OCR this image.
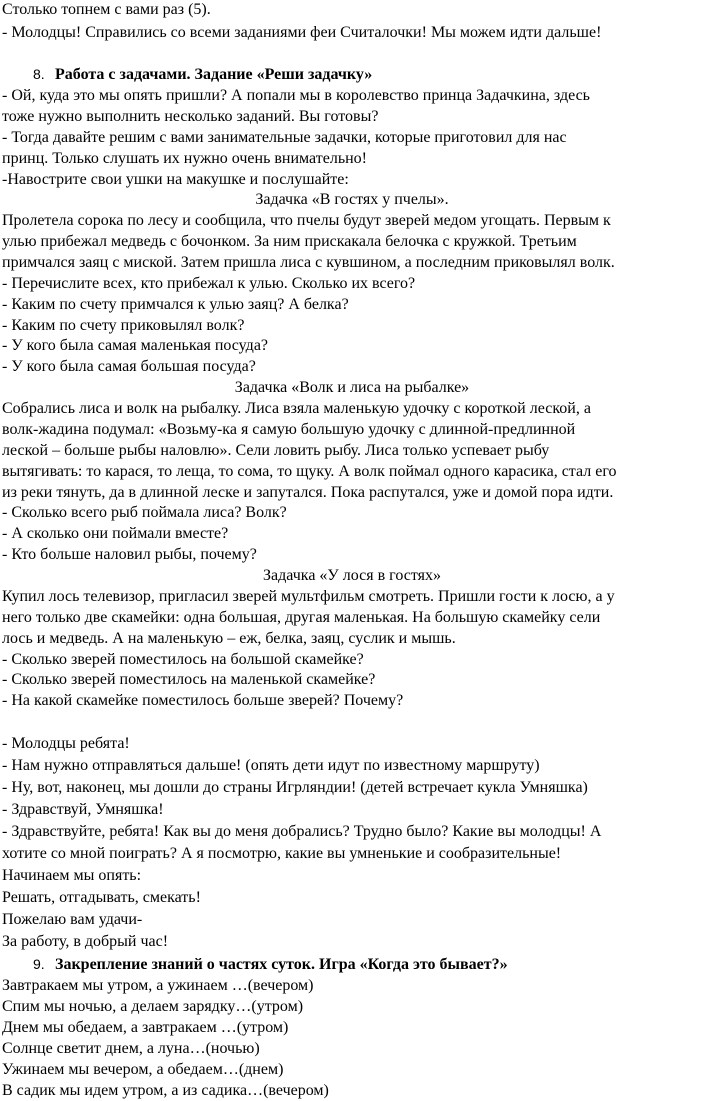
Столько топнем с вами раз (5).
- Молодцы! Справились со всеми заданиями феи Считалочки! Мы можем идти дальше!
8. Работа с задачами. Задание «Реши задачку»
- Ой, куда это мы опять пришли? А попали мы в королевство принца Задачкина, здесь
тоже нужно выполнить несколько заданий. Вы готовы?
- Тогда давайте решим с вами занимательные задачки, которые приготовил для нас
принц. Только слушать их нужно очень внимательно!
-Навострите свои ушки на макушке и послушайте:
Задачка «В гостях у пчелы».
Пролетела сорока по лесу и сообщила, что пчелы будут зверей медом угощать. Первым к
улью прибежал медведь с бочонком. За ним прискакала белочка с кружкой. Третьим
примчался заяц с миской. Затем пришла лиса с кувшином, а последним приковылял волк.
- Перечислите всех, кто прибежал к улью. Сколько их всего?
- Каким по счету примчался к улью заяц? А белка?
- Каким по счету приковылял волк?
- У кого была самая маленькая посуда?
- У кого была самая большая посуда?
Задачка «Волк и лиса на рыбалке»
Собрались лиса и волк на рыбалку. Лиса взяла маленькую удочку с короткой леской, а
волк-жадина подумал: «Возьму-ка я самую большую удочку с длинной-предлинной
леской – больше рыбы наловлю». Сели ловить рыбу. Лиса только успевает рыбу
вытягивать: то карася, то леща, то сома, то щуку. А волк поймал одного карасика, стал его
из реки тянуть, да в длинной леске и запутался. Пока распутался, уже и домой пора идти.
- Сколько всего рыб поймала лиса? Волк?
- А сколько они поймали вместе?
- Кто больше наловил рыбы, почему?
Задачка «У лося в гостях»
Купил лось телевизор, пригласил зверей мультфильм смотреть. Пришли гости к лосю, а у
него только две скамейки: одна большая, другая маленькая. На большую скамейку сели
лось и медведь. А на маленькую – еж, белка, заяц, суслик и мышь.
- Сколько зверей поместилось на большой скамейке?
- Сколько зверей поместилось на маленькой скамейке?
- На какой скамейке поместилось больше зверей? Почему?
- Молодцы ребята!
- Нам нужно отправляться дальше! (опять дети идут по известному маршруту)
- Ну, вот, наконец, мы дошли до страны Игрляндии! (детей встречает кукла Умняшка)
- Здравствуй, Умняшка!
- Здравствуйте, ребята! Как вы до меня добрались? Трудно было? Какие вы молодцы! А
хотите со мной поиграть? А я посмотрю, какие вы умненькие и сообразительные!
Начинаем мы опять:
Решать, отгадывать, смекать!
Пожелаю вам удачи-
За работу, в добрый час!
9. Закрепление знаний о частях суток. Игра «Когда это бывает?»
Завтракаем мы утром, а ужинаем …(вечером)
Спим мы ночью, а делаем зарядку…(утром)
Днем мы обедаем, а завтракаем …(утром)
Солнце светит днем, а луна…(ночью)
Ужинаем мы вечером, а обедаем…(днем)
В садик мы идем утром, а из садика…(вечером)
